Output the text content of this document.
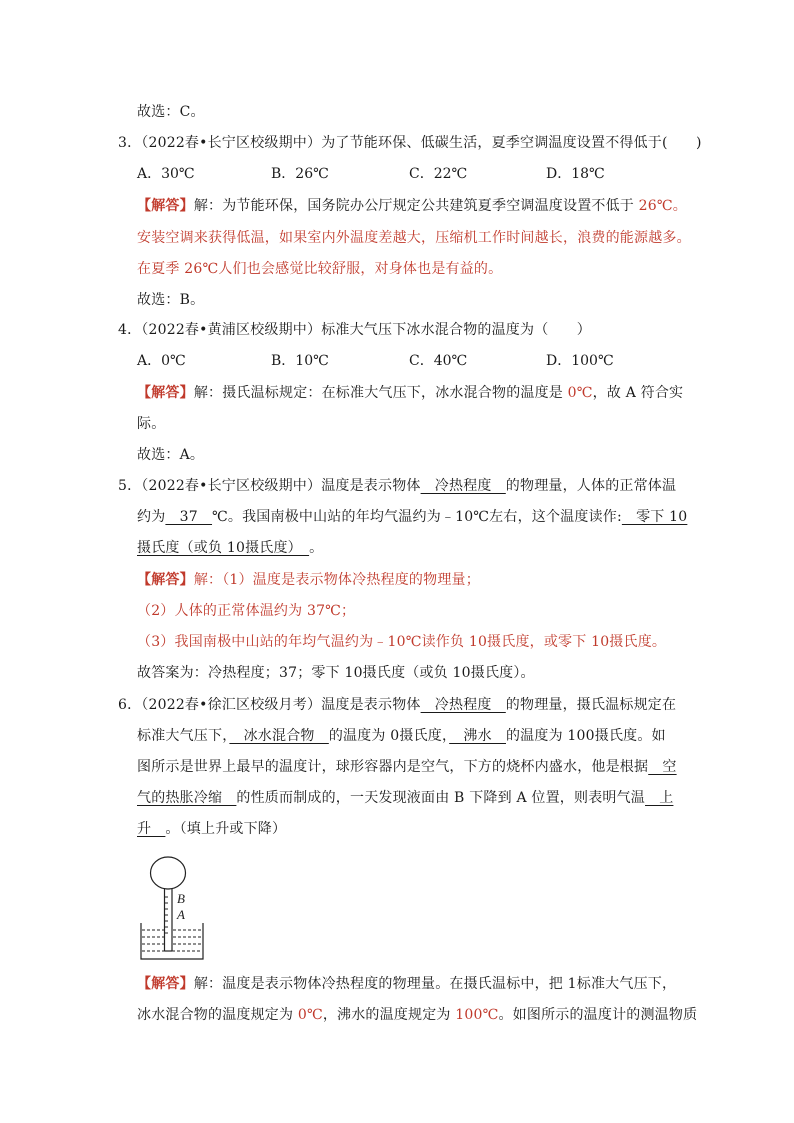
故选：C。
3．（2022春•长宁区校级期中）为了节能环保、低碳生活，夏季空调温度设置不得低于(　　)
A．30℃	B．26℃	C．22℃	D．18℃
【解答】解：为节能环保，国务院办公厅规定公共建筑夏季空调温度设置不低于 26℃。
安装空调来获得低温，如果室内外温度差越大，压缩机工作时间越长，浪费的能源越多。
在夏季 26℃人们也会感觉比较舒服，对身体也是有益的。
故选：B。
4．（2022春•黄浦区校级期中）标准大气压下冰水混合物的温度为（　　）
A．0℃	B．10℃	C．40℃	D．100℃
【解答】解：摄氏温标规定：在标准大气压下，冰水混合物的温度是 0℃，故 A 符合实
际。
故选：A。
5．（2022春•长宁区校级期中）温度是表示物体　冷热程度　的物理量，人体的正常体温
约为　37　℃。我国南极中山站的年均气温约为﹣10℃左右，这个温度读作:　零下 10
摄氏度（或负 10摄氏度）　。
【解答】解：（1）温度是表示物体冷热程度的物理量；
（2）人体的正常体温约为 37℃；
（3）我国南极中山站的年均气温约为﹣10℃读作负 10摄氏度，或零下 10摄氏度。
故答案为：冷热程度；37；零下 10摄氏度（或负 10摄氏度）。
6．（2022春•徐汇区校级月考）温度是表示物体　冷热程度　的物理量，摄氏温标规定在
标准大气压下，　冰水混合物　的温度为 0摄氏度，　沸水　的温度为 100摄氏度。如
图所示是世界上最早的温度计，球形容器内是空气，下方的烧杯内盛水，他是根据　空
气的热胀冷缩　的性质而制成的，一天发现液面由 B 下降到 A 位置，则表明气温　上
升　。（填上升或下降）
B
A
【解答】解：温度是表示物体冷热程度的物理量。在摄氏温标中，把 1标准大气压下，
冰水混合物的温度规定为 0℃，沸水的温度规定为 100℃。如图所示的温度计的测温物质
